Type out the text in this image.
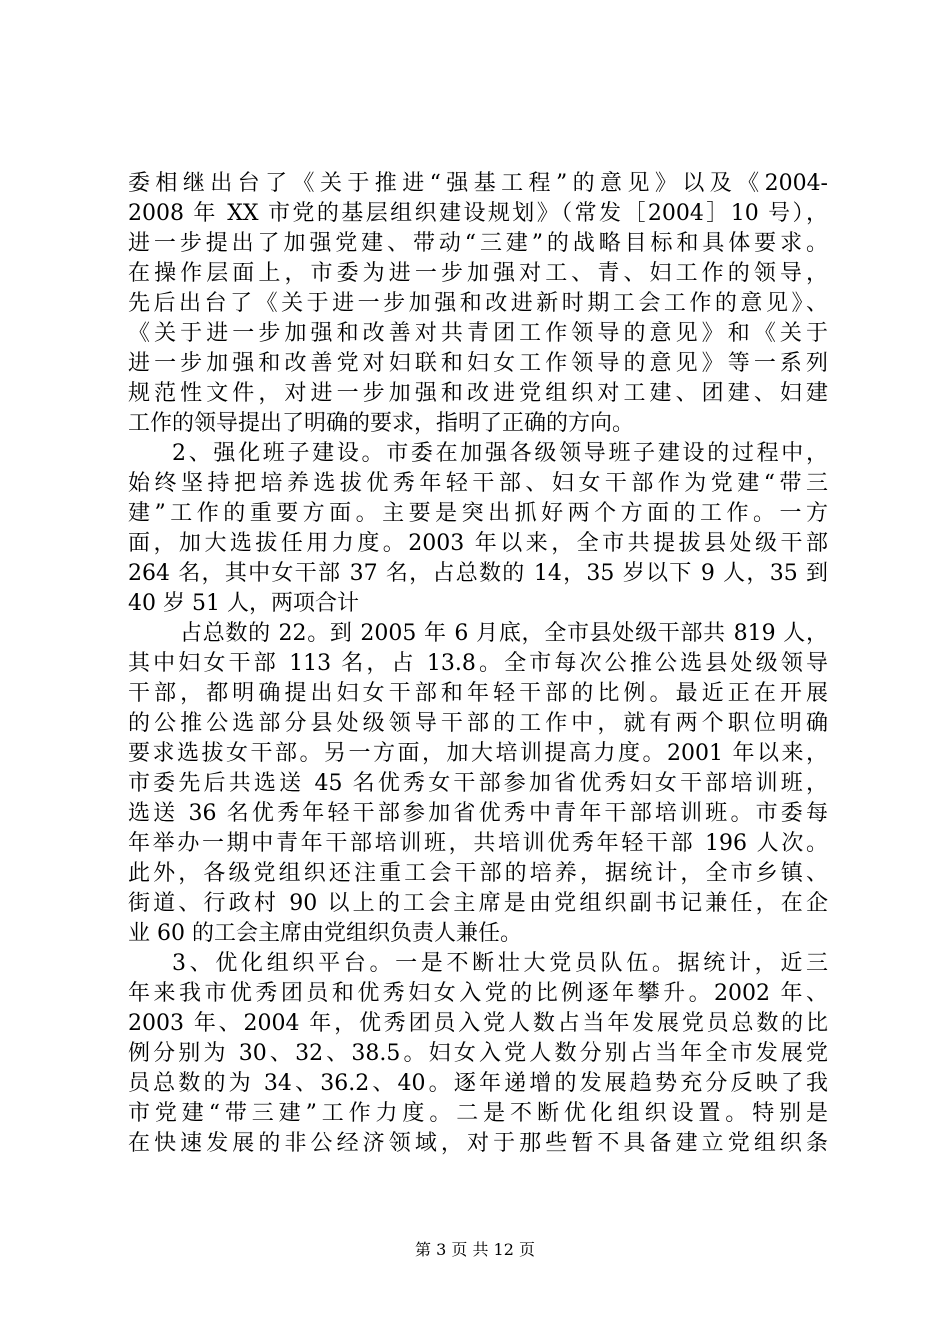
委相继出台了《关于推进“强基工程”的意见》以及《2004-
2008 年 XX 市党的基层组织建设规划》（常发［2004］10 号），
进一步提出了加强党建、带动“三建”的战略目标和具体要求。
在操作层面上，市委为进一步加强对工、青、妇工作的领导，
先后出台了《关于进一步加强和改进新时期工会工作的意见》、
《关于进一步加强和改善对共青团工作领导的意见》和《关于
进一步加强和改善党对妇联和妇女工作领导的意见》等一系列
规范性文件，对进一步加强和改进党组织对工建、团建、妇建
工作的领导提出了明确的要求，指明了正确的方向。
2、强化班子建设。市委在加强各级领导班子建设的过程中，
始终坚持把培养选拔优秀年轻干部、妇女干部作为党建“带三
建”工作的重要方面。主要是突出抓好两个方面的工作。一方
面，加大选拔任用力度。2003 年以来，全市共提拔县处级干部
264 名，其中女干部 37 名，占总数的 14，35 岁以下 9 人，35 到
40 岁 51 人，两项合计
占总数的 22。到 2005 年 6 月底，全市县处级干部共 819 人，
其中妇女干部 113 名，占 13.8。全市每次公推公选县处级领导
干部，都明确提出妇女干部和年轻干部的比例。最近正在开展
的公推公选部分县处级领导干部的工作中，就有两个职位明确
要求选拔女干部。另一方面，加大培训提高力度。2001 年以来，
市委先后共选送 45 名优秀女干部参加省优秀妇女干部培训班，
选送 36 名优秀年轻干部参加省优秀中青年干部培训班。市委每
年举办一期中青年干部培训班，共培训优秀年轻干部 196 人次。
此外，各级党组织还注重工会干部的培养，据统计，全市乡镇、
街道、行政村 90 以上的工会主席是由党组织副书记兼任，在企
业 60 的工会主席由党组织负责人兼任。
3、优化组织平台。一是不断壮大党员队伍。据统计，近三
年来我市优秀团员和优秀妇女入党的比例逐年攀升。2002 年、
2003 年、2004 年，优秀团员入党人数占当年发展党员总数的比
例分别为 30、32、38.5。妇女入党人数分别占当年全市发展党
员总数的为 34、36.2、40。逐年递增的发展趋势充分反映了我
市党建“带三建”工作力度。二是不断优化组织设置。特别是
在快速发展的非公经济领域，对于那些暂不具备建立党组织条
第 3 页 共 12 页
